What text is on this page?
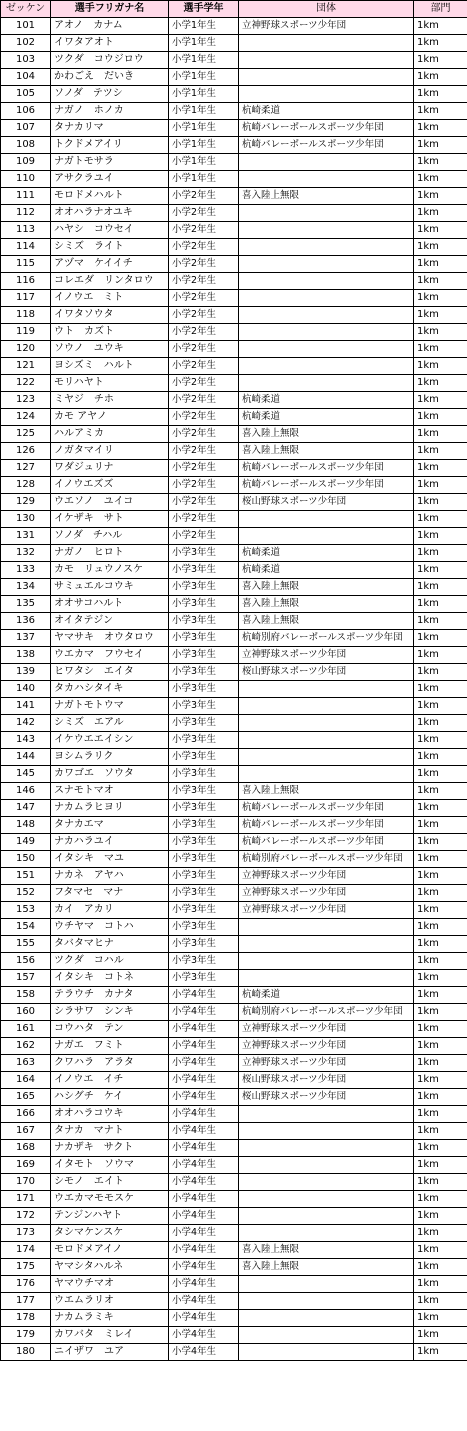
ゼッケン	選手フリガナ名	選手学年	団体	部門
101	アオノ　カナム	小学1年生	立神野球スポーツ少年団	1km
102	イワタアオト	小学1年生		1km
103	ツクダ　コウジロウ	小学1年生		1km
104	かわごえ　だいき	小学1年生		1km
105	ソノダ　テツシ	小学1年生		1km
106	ナガノ　ホノカ	小学1年生	杭崎柔道	1km
107	タナカリマ	小学1年生	杭崎バレーボールスポーツ少年団	1km
108	トクドメアイリ	小学1年生	杭崎バレーボールスポーツ少年団	1km
109	ナガトモサラ	小学1年生		1km
110	アサクラユイ	小学1年生		1km
111	モロドメハルト	小学2年生	喜入陸上無限	1km
112	オオハラナオユキ	小学2年生		1km
113	ハヤシ　コウセイ	小学2年生		1km
114	シミズ　ライト	小学2年生		1km
115	アヅマ　ケイイチ	小学2年生		1km
116	コレエダ　リンタロウ	小学2年生		1km
117	イノウエ　ミト	小学2年生		1km
118	イワタソウタ	小学2年生		1km
119	ウト　カズト	小学2年生		1km
120	ソウノ　ユウキ	小学2年生		1km
121	ヨシズミ　ハルト	小学2年生		1km
122	モリハヤト	小学2年生		1km
123	ミヤジ　チホ	小学2年生	杭崎柔道	1km
124	カモ アヤノ	小学2年生	杭崎柔道	1km
125	ハルアミカ	小学2年生	喜入陸上無限	1km
126	ノガタマイリ	小学2年生	喜入陸上無限	1km
127	ワダジュリナ	小学2年生	杭崎バレーボールスポーツ少年団	1km
128	イノウエズズ	小学2年生	杭崎バレーボールスポーツ少年団	1km
129	ウエソノ　ユイコ	小学2年生	桜山野球スポーツ少年団	1km
130	イケザキ　サト	小学2年生		1km
131	ソノダ　チハル	小学2年生		1km
132	ナガノ　ヒロト	小学3年生	杭崎柔道	1km
133	カモ　リュウノスケ	小学3年生	杭崎柔道	1km
134	サミュエルコウキ	小学3年生	喜入陸上無限	1km
135	オオサコハルト	小学3年生	喜入陸上無限	1km
136	オイタテジン	小学3年生	喜入陸上無限	1km
137	ヤマサキ　オウタロウ	小学3年生	杭崎別府バレーボールスポーツ少年団	1km
138	ウエカマ　フウセイ	小学3年生	立神野球スポーツ少年団	1km
139	ヒワタシ　エイタ	小学3年生	桜山野球スポーツ少年団	1km
140	タカハシタイキ	小学3年生		1km
141	ナガトモトウマ	小学3年生		1km
142	シミズ　エアル	小学3年生		1km
143	イケウエエイシン	小学3年生		1km
144	ヨシムラリク	小学3年生		1km
145	カワゴエ　ソウタ	小学3年生		1km
146	スナモトマオ	小学3年生	喜入陸上無限	1km
147	ナカムラヒヨリ	小学3年生	杭崎バレーボールスポーツ少年団	1km
148	タナカエマ	小学3年生	杭崎バレーボールスポーツ少年団	1km
149	ナカハラユイ	小学3年生	杭崎バレーボールスポーツ少年団	1km
150	イタシキ　マユ	小学3年生	杭崎別府バレーボールスポーツ少年団	1km
151	ナカネ　アヤハ	小学3年生	立神野球スポーツ少年団	1km
152	フタマセ　マナ	小学3年生	立神野球スポーツ少年団	1km
153	カイ　アカリ	小学3年生	立神野球スポーツ少年団	1km
154	ウチヤマ　コトハ	小学3年生		1km
155	タバタマヒナ	小学3年生		1km
156	ツクダ　コハル	小学3年生		1km
157	イタシキ　コトネ	小学3年生		1km
158	テラウチ　カナタ	小学4年生	杭崎柔道	1km
160	シラサワ　シンキ	小学4年生	杭崎別府バレーボールスポーツ少年団	1km
161	コウハタ　テン	小学4年生	立神野球スポーツ少年団	1km
162	ナガエ　フミト	小学4年生	立神野球スポーツ少年団	1km
163	クワハラ　アラタ	小学4年生	立神野球スポーツ少年団	1km
164	イノウエ　イチ	小学4年生	桜山野球スポーツ少年団	1km
165	ハシグチ　ケイ	小学4年生	桜山野球スポーツ少年団	1km
166	オオハラコウキ	小学4年生		1km
167	タナカ　マナト	小学4年生		1km
168	ナカザキ　サクト	小学4年生		1km
169	イタモト　ソウマ	小学4年生		1km
170	シモノ　エイト	小学4年生		1km
171	ウエカマモモスケ	小学4年生		1km
172	テンジンハヤト	小学4年生		1km
173	タシマケンスケ	小学4年生		1km
174	モロドメアイノ	小学4年生	喜入陸上無限	1km
175	ヤマシタハルネ	小学4年生	喜入陸上無限	1km
176	ヤマウチマオ	小学4年生		1km
177	ウエムラリオ	小学4年生		1km
178	ナカムラミキ	小学4年生		1km
179	カワバタ　ミレイ	小学4年生		1km
180	ニイザワ　ユア	小学4年生		1km
